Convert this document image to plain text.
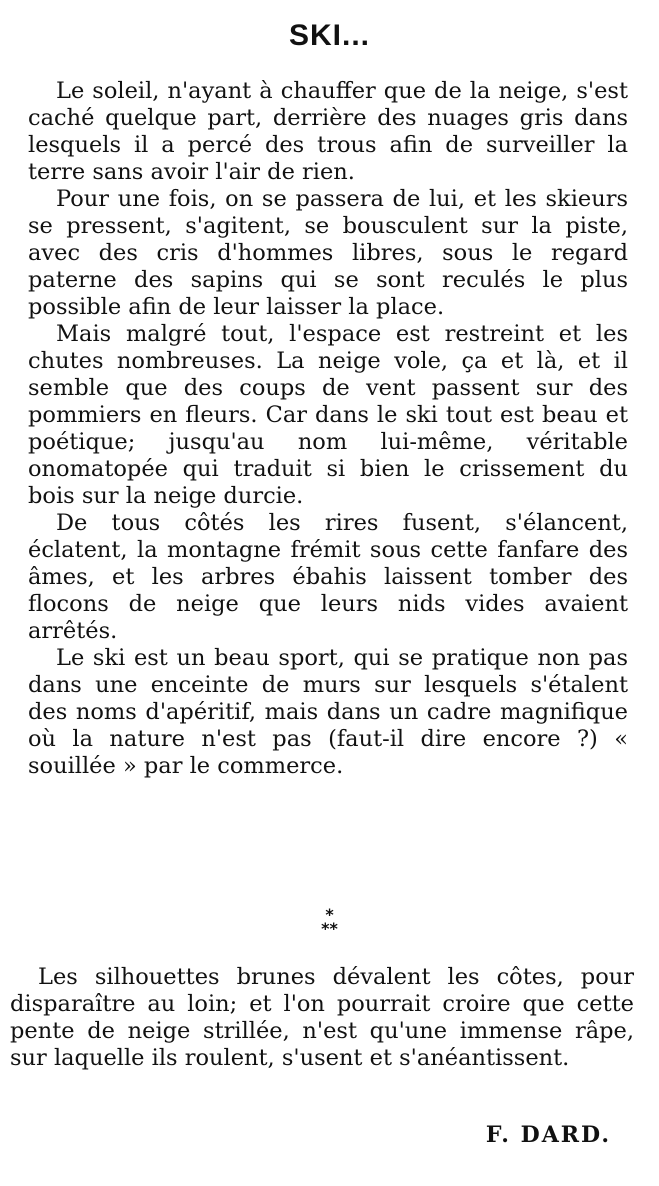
SKI...

Le soleil, n'ayant à chauffer que de la neige, s'est caché quelque part, derrière des nuages gris dans lesquels il a percé des trous afin de surveiller la terre sans avoir l'air de rien.

Pour une fois, on se passera de lui, et les skieurs se pressent, s'agitent, se bousculent sur la piste, avec des cris d'hommes libres, sous le regard paterne des sapins qui se sont reculés le plus possible afin de leur laisser la place.

Mais malgré tout, l'espace est restreint et les chutes nombreuses. La neige vole, ça et là, et il semble que des coups de vent passent sur des pommiers en fleurs. Car dans le ski tout est beau et poétique; jusqu'au nom lui-même, véritable onomatopée qui traduit si bien le crissement du bois sur la neige durcie.

De tous côtés les rires fusent, s'élancent, éclatent, la montagne frémit sous cette fanfare des âmes, et les arbres ébahis laissent tomber des flocons de neige que leurs nids vides avaient arrêtés.

Le ski est un beau sport, qui se pratique non pas dans une enceinte de murs sur lesquels s'étalent des noms d'apéritif, mais dans un cadre magnifique où la nature n'est pas (faut-il dire encore ?) « souillée » par le commerce.

*
**

Les silhouettes brunes dévalent les côtes, pour disparaître au loin; et l'on pourrait croire que cette pente de neige strillée, n'est qu'une immense râpe, sur laquelle ils roulent, s'usent et s'anéantissent.

F. DARD.
